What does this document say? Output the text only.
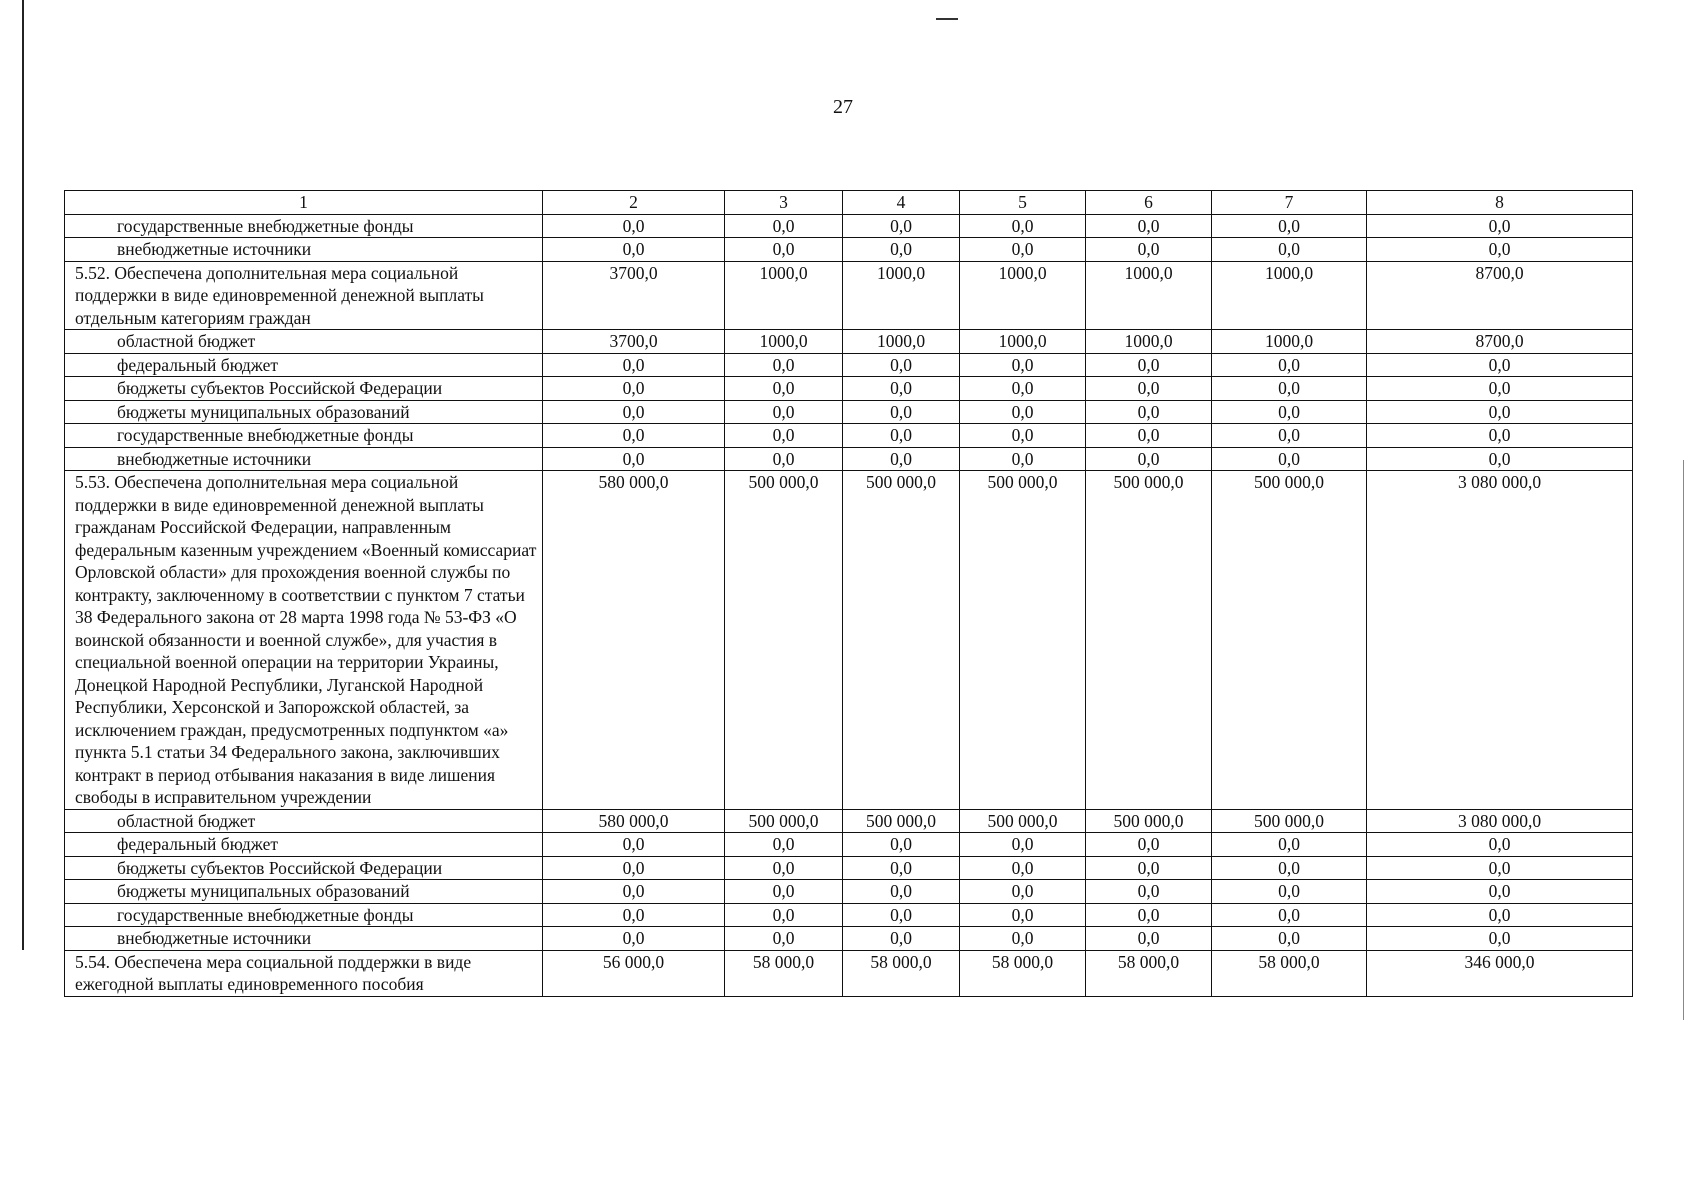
27
1	2	3	4	5	6	7	8
государственные внебюджетные фонды	0,0	0,0	0,0	0,0	0,0	0,0	0,0
внебюджетные источники	0,0	0,0	0,0	0,0	0,0	0,0	0,0
5.52. Обеспечена дополнительная мера социальной поддержки в виде единовременной денежной выплаты отдельным категориям граждан	3700,0	1000,0	1000,0	1000,0	1000,0	1000,0	8700,0
областной бюджет	3700,0	1000,0	1000,0	1000,0	1000,0	1000,0	8700,0
федеральный бюджет	0,0	0,0	0,0	0,0	0,0	0,0	0,0
бюджеты субъектов Российской Федерации	0,0	0,0	0,0	0,0	0,0	0,0	0,0
бюджеты муниципальных образований	0,0	0,0	0,0	0,0	0,0	0,0	0,0
государственные внебюджетные фонды	0,0	0,0	0,0	0,0	0,0	0,0	0,0
внебюджетные источники	0,0	0,0	0,0	0,0	0,0	0,0	0,0
5.53. Обеспечена дополнительная мера социальной поддержки в виде единовременной денежной выплаты гражданам Российской Федерации, направленным федеральным казенным учреждением «Военный комиссариат Орловской области» для прохождения военной службы по контракту, заключенному в соответствии с пунктом 7 статьи 38 Федерального закона от 28 марта 1998 года № 53-ФЗ «О воинской обязанности и военной службе», для участия в специальной военной операции на территории Украины, Донецкой Народной Республики, Луганской Народной Республики, Херсонской и Запорожской областей, за исключением граждан, предусмотренных подпунктом «а» пункта 5.1 статьи 34 Федерального закона, заключивших контракт в период отбывания наказания в виде лишения свободы в исправительном учреждении	580 000,0	500 000,0	500 000,0	500 000,0	500 000,0	500 000,0	3 080 000,0
областной бюджет	580 000,0	500 000,0	500 000,0	500 000,0	500 000,0	500 000,0	3 080 000,0
федеральный бюджет	0,0	0,0	0,0	0,0	0,0	0,0	0,0
бюджеты субъектов Российской Федерации	0,0	0,0	0,0	0,0	0,0	0,0	0,0
бюджеты муниципальных образований	0,0	0,0	0,0	0,0	0,0	0,0	0,0
государственные внебюджетные фонды	0,0	0,0	0,0	0,0	0,0	0,0	0,0
внебюджетные источники	0,0	0,0	0,0	0,0	0,0	0,0	0,0
5.54. Обеспечена мера социальной поддержки в виде ежегодной выплаты единовременного пособия	56 000,0	58 000,0	58 000,0	58 000,0	58 000,0	58 000,0	346 000,0
